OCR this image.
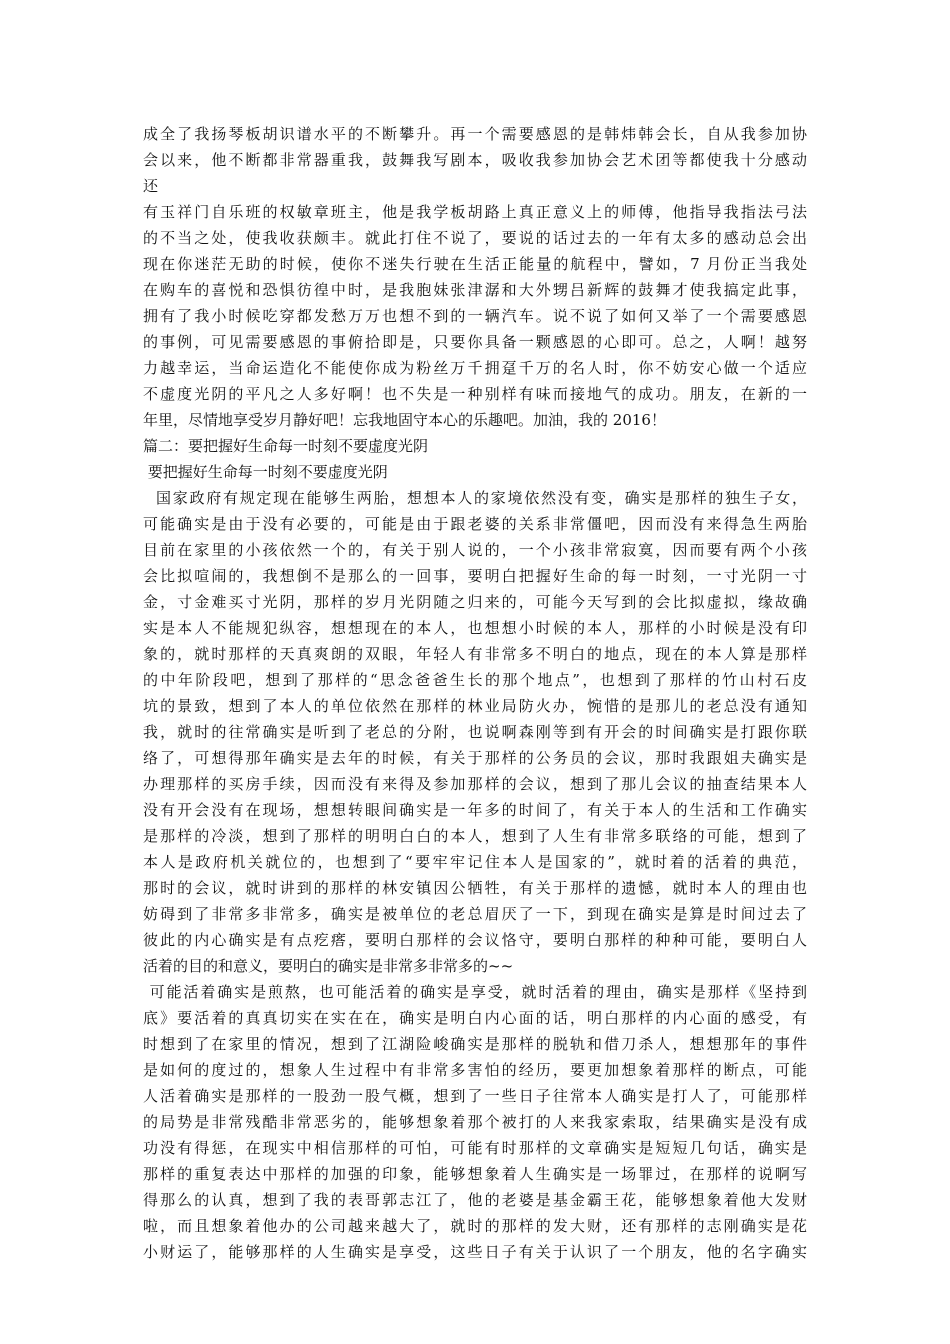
成全了我扬琴板胡识谱水平的不断攀升。再一个需要感恩的是韩炜韩会长，自从我参加协
会以来，他不断都非常器重我，鼓舞我写剧本，吸收我参加协会艺术团等都使我十分感动
还
有玉祥门自乐班的权敏章班主，他是我学板胡路上真正意义上的师傅，他指导我指法弓法
的不当之处，使我收获颇丰。就此打住不说了，要说的话过去的一年有太多的感动总会出
现在你迷茫无助的时候，使你不迷失行驶在生活正能量的航程中，譬如，7 月份正当我处
在购车的喜悦和恐惧彷徨中时，是我胞妹张津潺和大外甥吕新辉的鼓舞才使我搞定此事，
拥有了我小时候吃穿都发愁万万也想不到的一辆汽车。说不说了如何又举了一个需要感恩
的事例，可见需要感恩的事俯拾即是，只要你具备一颗感恩的心即可。总之，人啊！越努
力越幸运，当命运造化不能使你成为粉丝万千拥趸千万的名人时，你不妨安心做一个适应
不虚度光阴的平凡之人多好啊！也不失是一种别样有味而接地气的成功。朋友，在新的一
年里，尽情地享受岁月静好吧！忘我地固守本心的乐趣吧。加油，我的 2016！
篇二：要把握好生命每一时刻不要虚度光阴
要把握好生命每一时刻不要虚度光阴
国家政府有规定现在能够生两胎，想想本人的家境依然没有变，确实是那样的独生子女，
可能确实是由于没有必要的，可能是由于跟老婆的关系非常僵吧，因而没有来得急生两胎
目前在家里的小孩依然一个的，有关于别人说的，一个小孩非常寂寞，因而要有两个小孩
会比拟喧闹的，我想倒不是那么的一回事，要明白把握好生命的每一时刻，一寸光阴一寸
金，寸金难买寸光阴，那样的岁月光阴随之归来的，可能今天写到的会比拟虚拟，缘故确
实是本人不能规犯纵容，想想现在的本人，也想想小时候的本人，那样的小时候是没有印
象的，就时那样的天真爽朗的双眼，年轻人有非常多不明白的地点，现在的本人算是那样
的中年阶段吧，想到了那样的“思念爸爸生长的那个地点”，也想到了那样的竹山村石皮
坑的景致，想到了本人的单位依然在那样的林业局防火办，惋惜的是那儿的老总没有通知
我，就时的往常确实是听到了老总的分附，也说啊森刚等到有开会的时间确实是打跟你联
络了，可想得那年确实是去年的时候，有关于那样的公务员的会议，那时我跟姐夫确实是
办理那样的买房手续，因而没有来得及参加那样的会议，想到了那儿会议的抽查结果本人
没有开会没有在现场，想想转眼间确实是一年多的时间了，有关于本人的生活和工作确实
是那样的冷淡，想到了那样的明明白白的本人，想到了人生有非常多联络的可能，想到了
本人是政府机关就位的，也想到了“要牢牢记住本人是国家的”，就时着的活着的典范，
那时的会议，就时讲到的那样的林安镇因公牺牲，有关于那样的遗憾，就时本人的理由也
妨碍到了非常多非常多，确实是被单位的老总眉厌了一下，到现在确实是算是时间过去了
彼此的内心确实是有点疙瘩，要明白那样的会议恪守，要明白那样的种种可能，要明白人
活着的目的和意义，要明白的确实是非常多非常多的~~
可能活着确实是煎熬，也可能活着的确实是享受，就时活着的理由，确实是那样《坚持到
底》要活着的真真切实在实在在，确实是明白内心面的话，明白那样的内心面的感受，有
时想到了在家里的情况，想到了江湖险峻确实是那样的脱轨和借刀杀人，想想那年的事件
是如何的度过的，想象人生过程中有非常多害怕的经历，要更加想象着那样的断点，可能
人活着确实是那样的一股劲一股气概，想到了一些日子往常本人确实是打人了，可能那样
的局势是非常残酷非常恶劣的，能够想象着那个被打的人来我家索取，结果确实是没有成
功没有得惩，在现实中相信那样的可怕，可能有时那样的文章确实是短短几句话，确实是
那样的重复表达中那样的加强的印象，能够想象着人生确实是一场罪过，在那样的说啊写
得那么的认真，想到了我的表哥郭志江了，他的老婆是基金霸王花，能够想象着他大发财
啦，而且想象着他办的公司越来越大了，就时的那样的发大财，还有那样的志刚确实是花
小财运了，能够那样的人生确实是享受，这些日子有关于认识了一个朋友，他的名字确实
